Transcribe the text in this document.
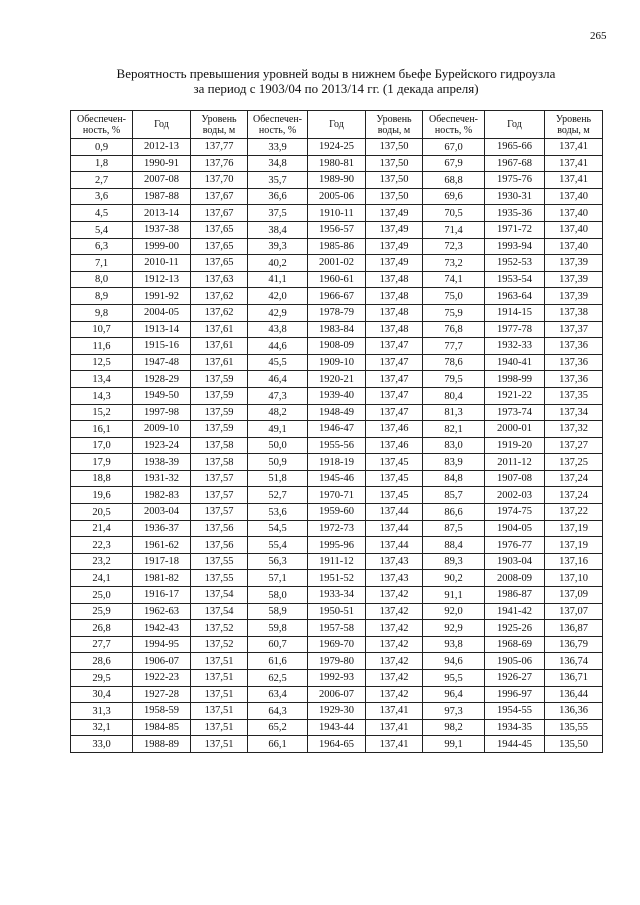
265
Вероятность превышения уровней воды в нижнем бьефе Бурейского гидроузла
за период с 1903/04 по 2013/14 гг. (1 декада апреля)
Обеспечен-ность, %	Год	Уровень воды, м	Обеспечен-ность, %	Год	Уровень воды, м	Обеспечен-ность, %	Год	Уровень воды, м
0,9	2012-13	137,77	33,9	1924-25	137,50	67,0	1965-66	137,41
1,8	1990-91	137,76	34,8	1980-81	137,50	67,9	1967-68	137,41
2,7	2007-08	137,70	35,7	1989-90	137,50	68,8	1975-76	137,41
3,6	1987-88	137,67	36,6	2005-06	137,50	69,6	1930-31	137,40
4,5	2013-14	137,67	37,5	1910-11	137,49	70,5	1935-36	137,40
5,4	1937-38	137,65	38,4	1956-57	137,49	71,4	1971-72	137,40
6,3	1999-00	137,65	39,3	1985-86	137,49	72,3	1993-94	137,40
7,1	2010-11	137,65	40,2	2001-02	137,49	73,2	1952-53	137,39
8,0	1912-13	137,63	41,1	1960-61	137,48	74,1	1953-54	137,39
8,9	1991-92	137,62	42,0	1966-67	137,48	75,0	1963-64	137,39
9,8	2004-05	137,62	42,9	1978-79	137,48	75,9	1914-15	137,38
10,7	1913-14	137,61	43,8	1983-84	137,48	76,8	1977-78	137,37
11,6	1915-16	137,61	44,6	1908-09	137,47	77,7	1932-33	137,36
12,5	1947-48	137,61	45,5	1909-10	137,47	78,6	1940-41	137,36
13,4	1928-29	137,59	46,4	1920-21	137,47	79,5	1998-99	137,36
14,3	1949-50	137,59	47,3	1939-40	137,47	80,4	1921-22	137,35
15,2	1997-98	137,59	48,2	1948-49	137,47	81,3	1973-74	137,34
16,1	2009-10	137,59	49,1	1946-47	137,46	82,1	2000-01	137,32
17,0	1923-24	137,58	50,0	1955-56	137,46	83,0	1919-20	137,27
17,9	1938-39	137,58	50,9	1918-19	137,45	83,9	2011-12	137,25
18,8	1931-32	137,57	51,8	1945-46	137,45	84,8	1907-08	137,24
19,6	1982-83	137,57	52,7	1970-71	137,45	85,7	2002-03	137,24
20,5	2003-04	137,57	53,6	1959-60	137,44	86,6	1974-75	137,22
21,4	1936-37	137,56	54,5	1972-73	137,44	87,5	1904-05	137,19
22,3	1961-62	137,56	55,4	1995-96	137,44	88,4	1976-77	137,19
23,2	1917-18	137,55	56,3	1911-12	137,43	89,3	1903-04	137,16
24,1	1981-82	137,55	57,1	1951-52	137,43	90,2	2008-09	137,10
25,0	1916-17	137,54	58,0	1933-34	137,42	91,1	1986-87	137,09
25,9	1962-63	137,54	58,9	1950-51	137,42	92,0	1941-42	137,07
26,8	1942-43	137,52	59,8	1957-58	137,42	92,9	1925-26	136,87
27,7	1994-95	137,52	60,7	1969-70	137,42	93,8	1968-69	136,79
28,6	1906-07	137,51	61,6	1979-80	137,42	94,6	1905-06	136,74
29,5	1922-23	137,51	62,5	1992-93	137,42	95,5	1926-27	136,71
30,4	1927-28	137,51	63,4	2006-07	137,42	96,4	1996-97	136,44
31,3	1958-59	137,51	64,3	1929-30	137,41	97,3	1954-55	136,36
32,1	1984-85	137,51	65,2	1943-44	137,41	98,2	1934-35	135,55
33,0	1988-89	137,51	66,1	1964-65	137,41	99,1	1944-45	135,50
